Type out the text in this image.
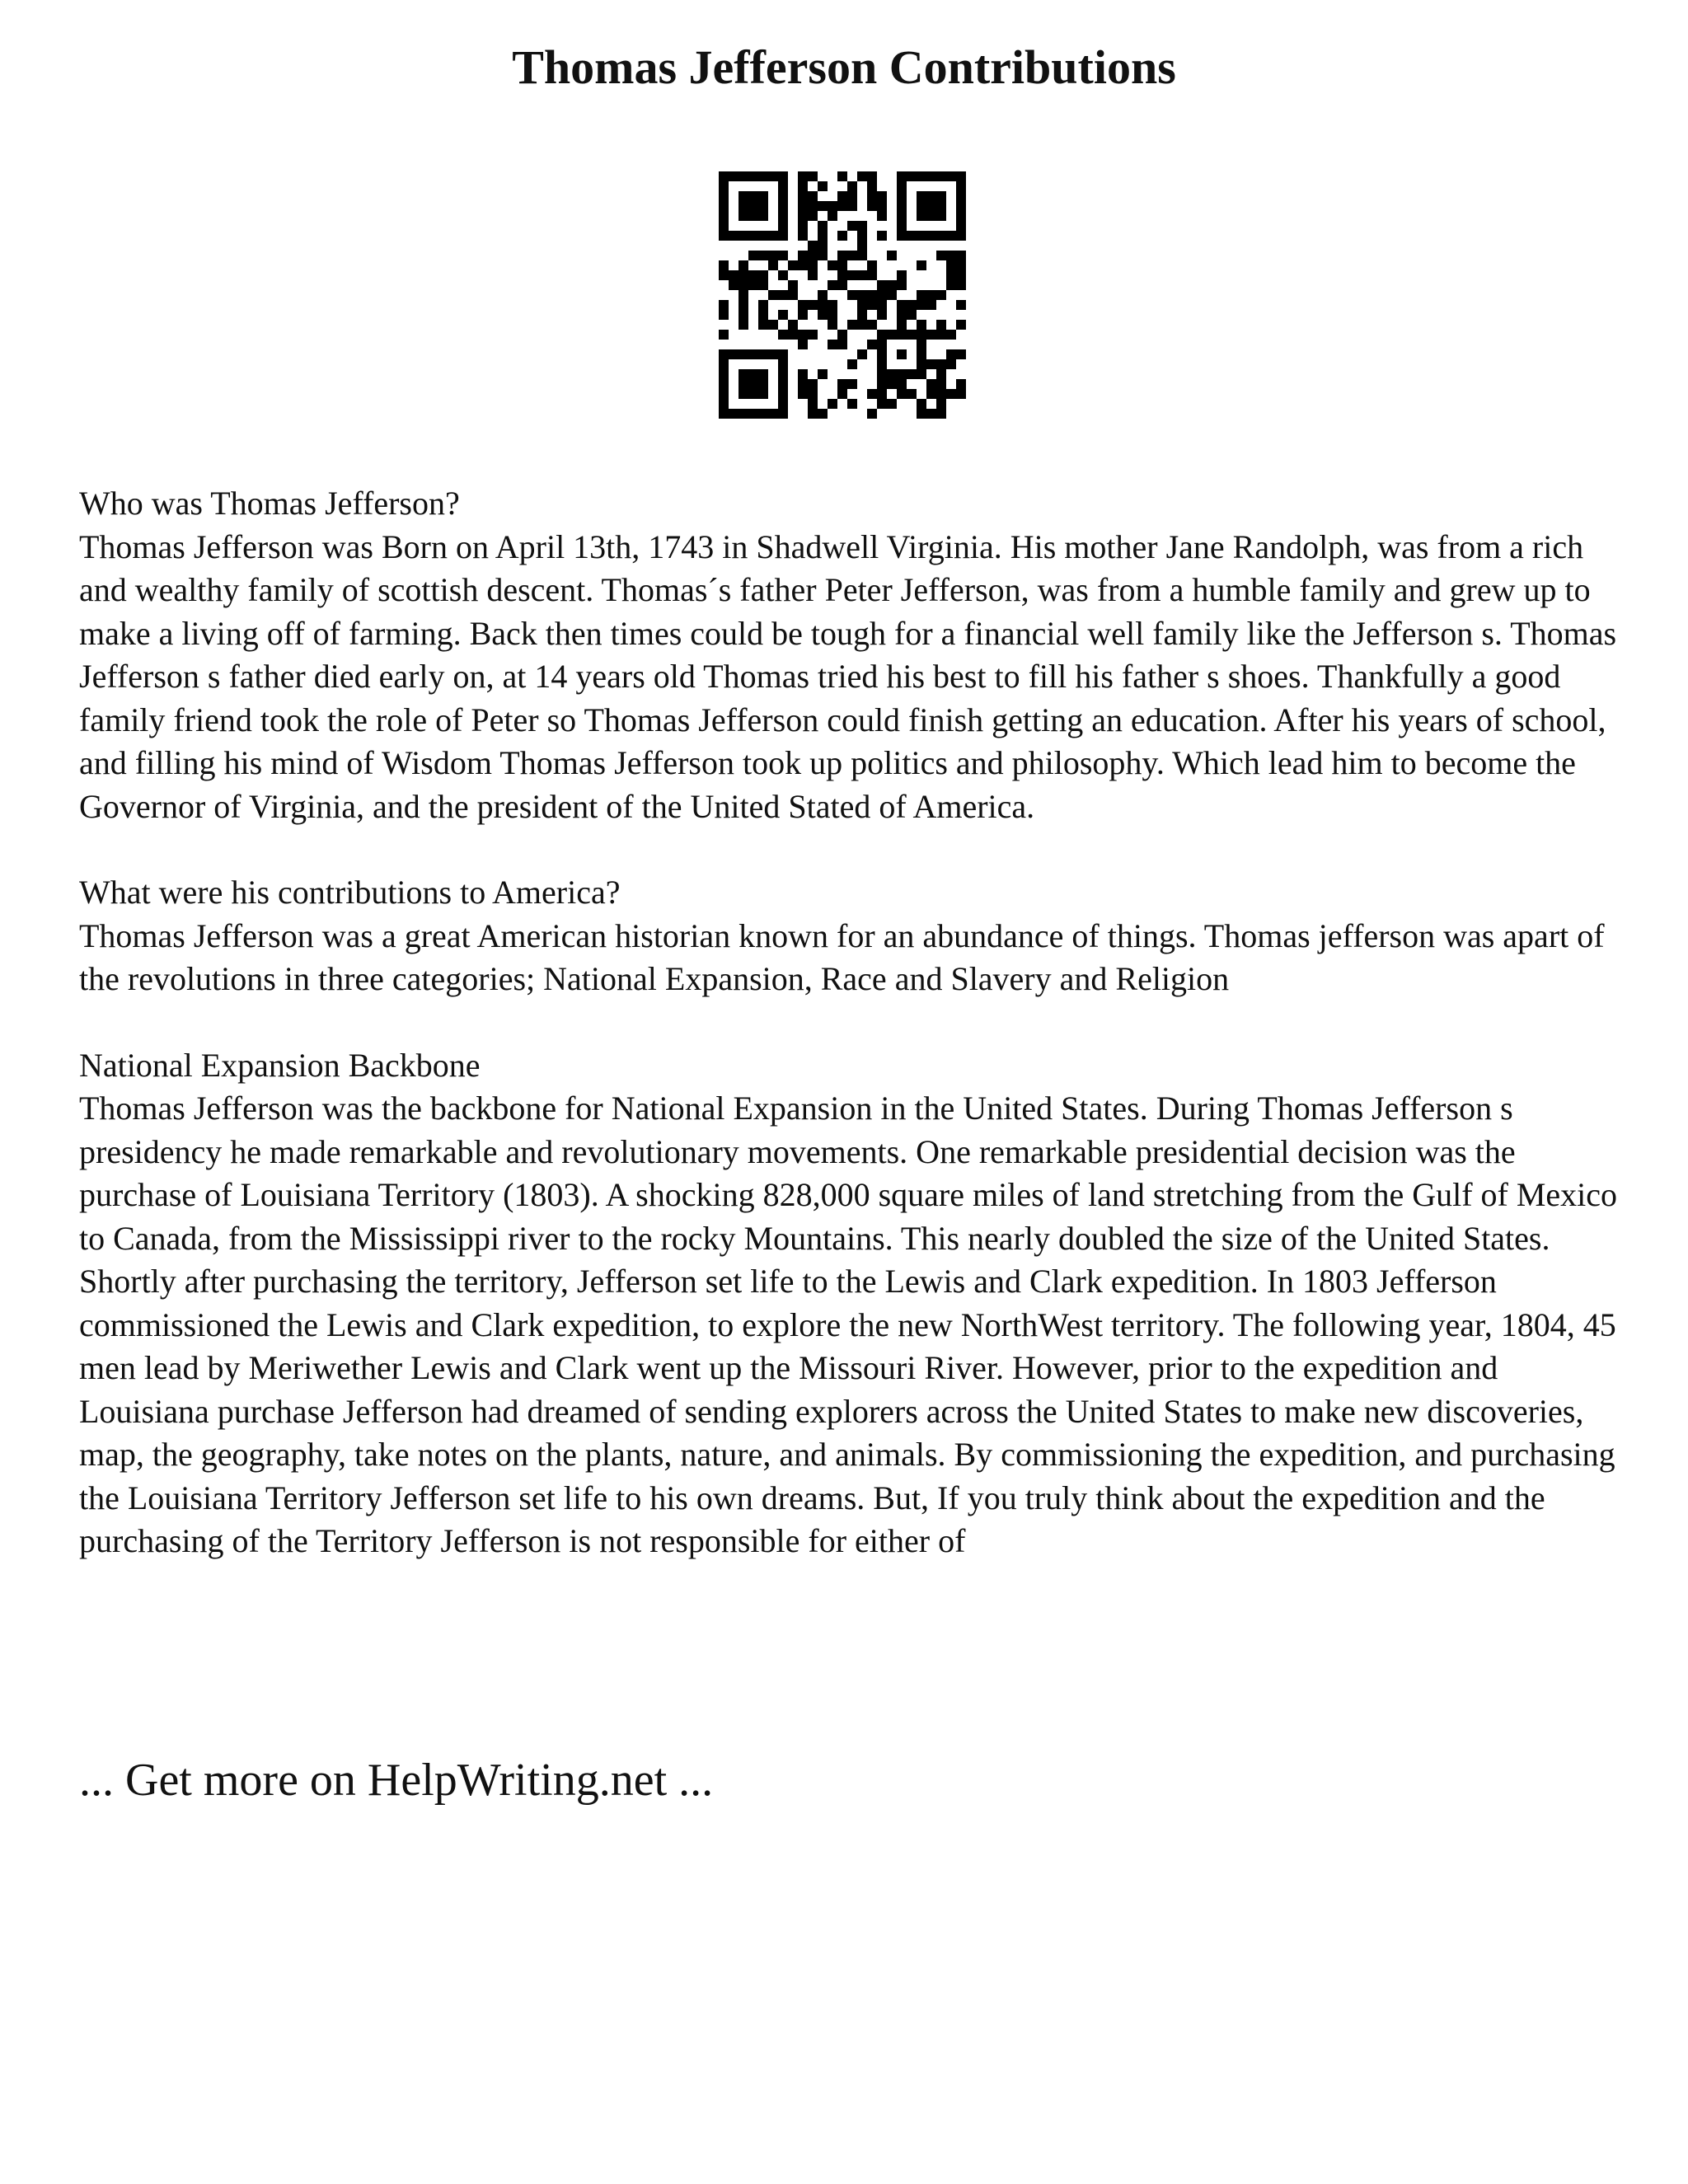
Thomas Jefferson Contributions

Who was Thomas Jefferson?

Thomas Jefferson was Born on April 13th, 1743 in Shadwell Virginia. His mother Jane Randolph, was from a rich and wealthy family of scottish descent. Thomas´s father Peter Jefferson, was from a humble family and grew up to make a living off of farming. Back then times could be tough for a financial well family like the Jefferson s. Thomas Jefferson s father died early on, at 14 years old Thomas tried his best to fill his father s shoes. Thankfully a good family friend took the role of Peter so Thomas Jefferson could finish getting an education. After his years of school, and filling his mind of Wisdom Thomas Jefferson took up politics and philosophy. Which lead him to become the Governor of Virginia, and the president of the United Stated of America.

What were his contributions to America?

Thomas Jefferson was a great American historian known for an abundance of things. Thomas jefferson was apart of the revolutions in three categories; National Expansion, Race and Slavery and Religion

National Expansion Backbone

Thomas Jefferson was the backbone for National Expansion in the United States. During Thomas Jefferson s presidency he made remarkable and revolutionary movements. One remarkable presidential decision was the purchase of Louisiana Territory (1803). A shocking 828,000 square miles of land stretching from the Gulf of Mexico to Canada, from the Mississippi river to the rocky Mountains. This nearly doubled the size of the United States. Shortly after purchasing the territory, Jefferson set life to the Lewis and Clark expedition. In 1803 Jefferson commissioned the Lewis and Clark expedition, to explore the new NorthWest territory. The following year, 1804, 45 men lead by Meriwether Lewis and Clark went up the Missouri River. However, prior to the expedition and Louisiana purchase Jefferson had dreamed of sending explorers across the United States to make new discoveries, map, the geography, take notes on the plants, nature, and animals. By commissioning the expedition, and purchasing the Louisiana Territory Jefferson set life to his own dreams. But, If you truly think about the expedition and the purchasing of the Territory Jefferson is not responsible for either of

... Get more on HelpWriting.net ...
